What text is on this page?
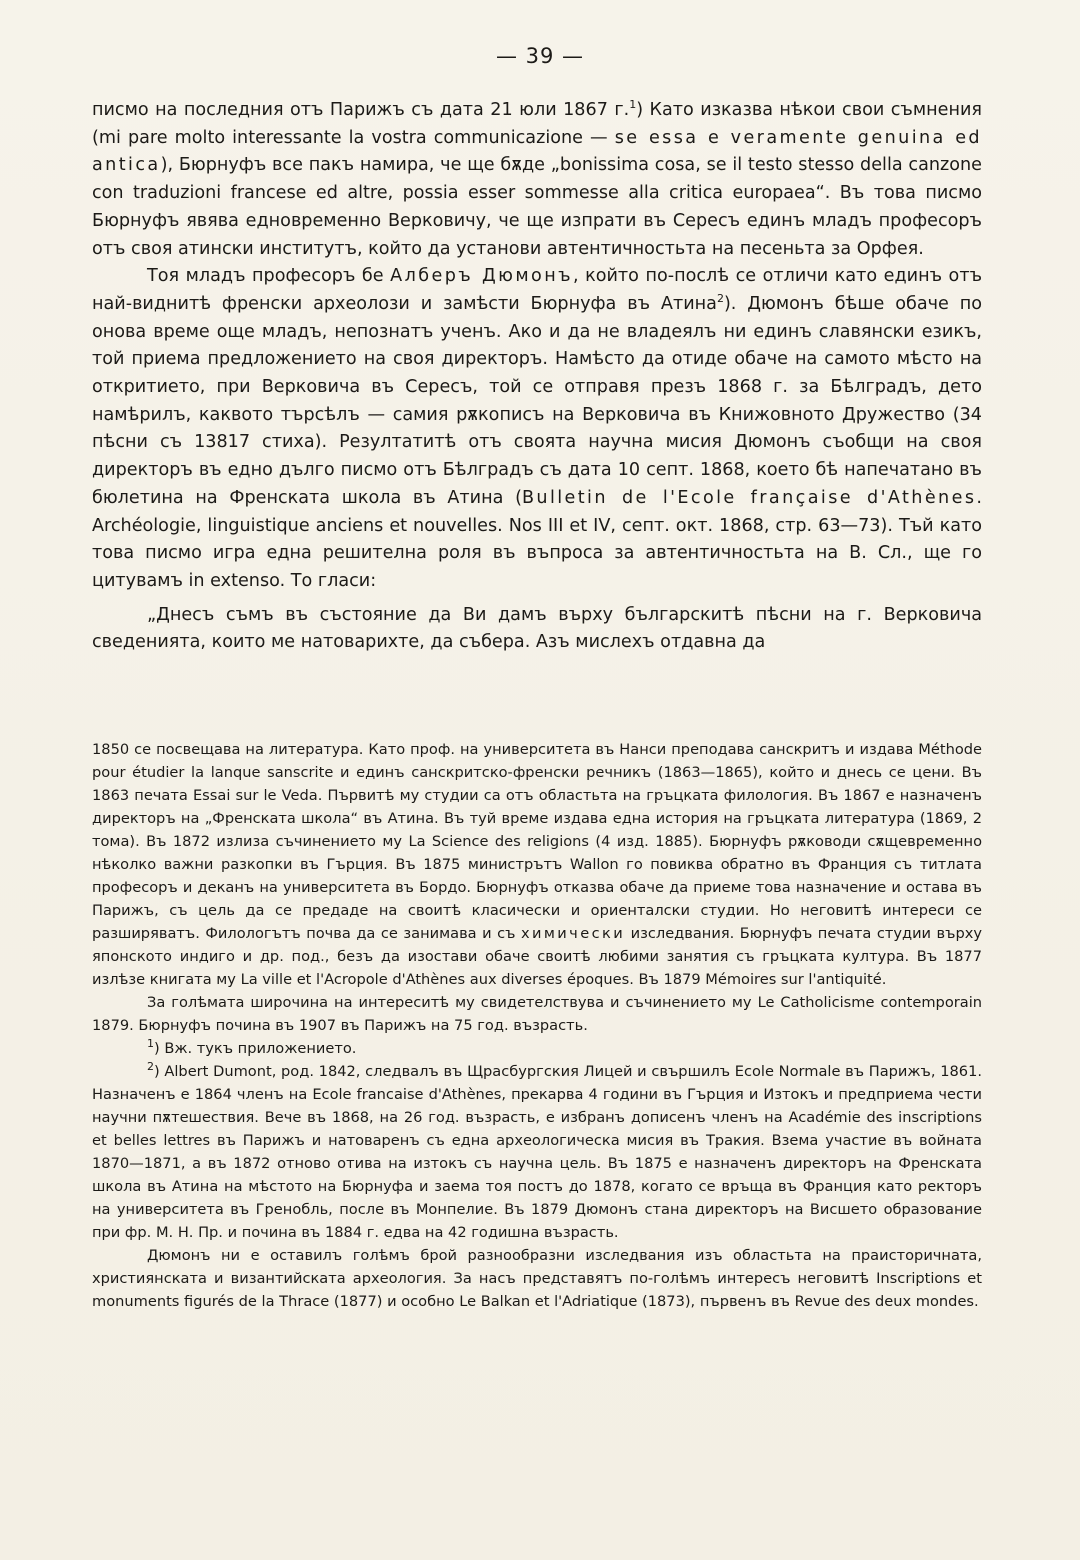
— 39 —

писмо на последния отъ Парижъ съ дата 21 юли 1867 г.$^1$) Като изказва нѣкои свои съмнения (mi pare molto interessante la vostra communicazione — se essa e veramente genuina ed antica), Бюрнуфъ все пакъ намира, че ще бѫде „bonissima cosa, se il testo stesso della canzone con traduzioni francese ed altre, possia esser sommesse alla critica europaea“. Въ това писмо Бюрнуфъ явява едновременно Верковичу, че ще изпрати въ Сересъ единъ младъ професоръ отъ своя атински институтъ, който да установи автентичностьта на песеньта за Орфея.

Тоя младъ професоръ бе Алберъ Дюмонъ, който по-послѣ се отличи като единъ отъ най-виднитѣ френски археолози и замѣсти Бюрнуфа въ Атина$^2$). Дюмонъ бѣше обаче по онова време още младъ, непознатъ ученъ. Ако и да не владеялъ ни единъ славянски езикъ, той приема предложението на своя директоръ. Намѣсто да отиде обаче на самото мѣсто на откритието, при Верковича въ Сересъ, той се отправя презъ 1868 г. за Бѣлградъ, дето намѣрилъ, каквото търсѣлъ — самия рѫкописъ на Верковича въ Книжовното Дружество (34 пѣсни съ 13817 стиха). Резултатитѣ отъ своята научна мисия Дюмонъ съобщи на своя директоръ въ едно дълго писмо отъ Бѣлградъ съ дата 10 септ. 1868, което бѣ напечатано въ бюлетина на Френската школа въ Атина (Bulletin de l'Ecole française d'Athènes. Archéologie, linguistique anciens et nouvelles. Nos III et IV, септ. окт. 1868, стр. 63—73). Тъй като това писмо игра една решителна роля въ въпроса за автентичностьта на В. Сл., ще го цитувамъ in extenso. То гласи:

„Днесъ съмъ въ състояние да Ви дамъ върху българскитѣ пѣсни на г. Верковича сведенията, които ме натоварихте, да събера. Азъ мислехъ отдавна да

1850 се посвещава на литература. Като проф. на университета въ Нанси преподава санскритъ и издава Méthode pour étudier la lanque sanscrite и единъ санскритско-френски речникъ (1863—1865), който и днесь се цени. Въ 1863 печата Essai sur le Veda. Първитѣ му студии са отъ областьта на гръцката филология. Въ 1867 е назначенъ директоръ на „Френската школа“ въ Атина. Въ туй време издава една история на гръцката литература (1869, 2 тома). Въ 1872 излиза съчинението му La Science des religions (4 изд. 1885). Бюрнуфъ рѫководи сѫщевременно нѣколко важни разкопки въ Гърция. Въ 1875 министрътъ Wallon го повиква обратно въ Франция съ титлата професоръ и деканъ на университета въ Бордо. Бюрнуфъ отказва обаче да приеме това назначение и остава въ Парижъ, съ цель да се предаде на своитѣ класически и ориенталски студии. Но неговитѣ интереси се разширяватъ. Филологътъ почва да се занимава и съ химически изследвания. Бюрнуфъ печата студии върху японското индиго и др. под., безъ да изостави обаче своитѣ любими занятия съ гръцката култура. Въ 1877 излѣзе книгата му La ville et l'Acropole d'Athènes aux diverses époques. Въ 1879 Mémoires sur l'antiquité.

За голѣмата широчина на интереситѣ му свидетелствува и съчинението му Le Catholicisme contemporain 1879. Бюрнуфъ почина въ 1907 въ Парижъ на 75 год. възрасть.

$^1$) Вж. тукъ приложението.

$^2$) Albert Dumont, род. 1842, следвалъ въ Щрасбургския Лицей и свършилъ Ecole Normale въ Парижъ, 1861. Назначенъ е 1864 членъ на Ecole francaise d'Athènes, прекарва 4 години въ Гърция и Изтокъ и предприема чести научни пѫтешествия. Вече въ 1868, на 26 год. възрасть, е избранъ дописенъ членъ на Académie des inscriptions et belles lettres въ Парижъ и натоваренъ съ една археологическа мисия въ Тракия. Взема участие въ войната 1870—1871, а въ 1872 отново отива на изтокъ съ научна цель. Въ 1875 е назначенъ директоръ на Френската школа въ Атина на мѣстото на Бюрнуфа и заема тоя постъ до 1878, когато се връща въ Франция като ректоръ на университета въ Гренобль, после въ Монпелие. Въ 1879 Дюмонъ стана директоръ на Висшето образование при фр. М. Н. Пр. и почина въ 1884 г. едва на 42 годишна възрасть.

Дюмонъ ни е оставилъ голѣмъ брой разнообразни изследвания изъ областьта на праисторичната, християнската и византийската археология. За насъ представятъ по-голѣмъ интересъ неговитѣ Inscriptions et monuments figurés de la Thrace (1877) и особно Le Balkan et l'Adriatique (1873), първенъ въ Revue des deux mondes.
